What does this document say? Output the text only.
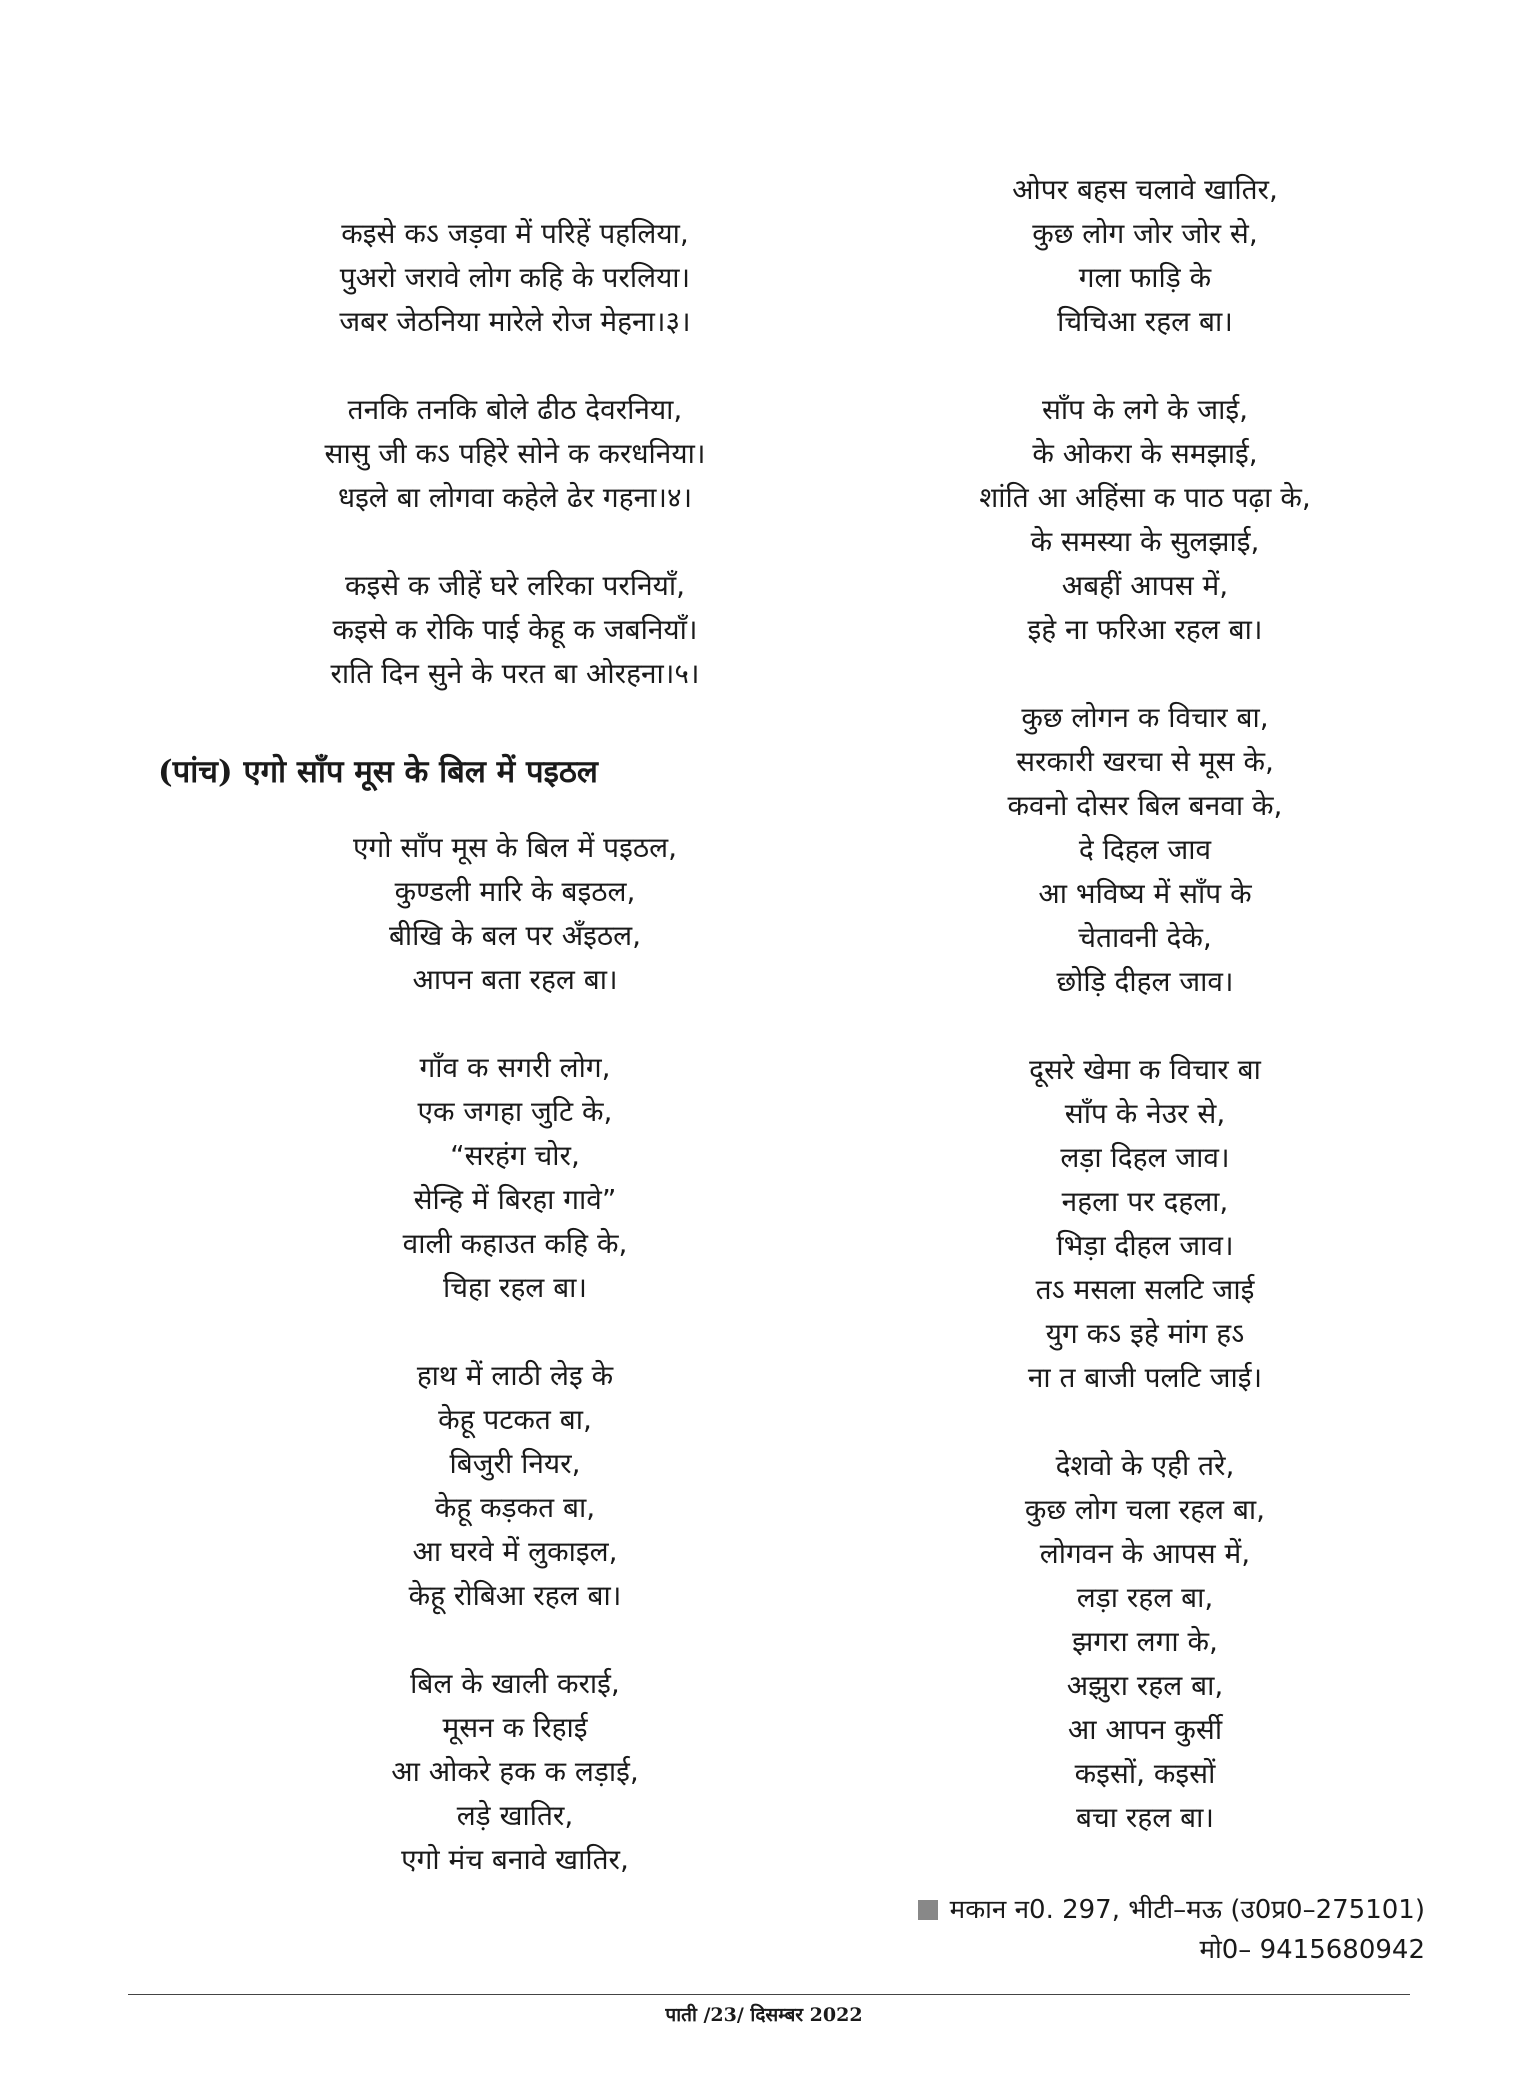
कइसे कऽ जड़वा में परिहें पहलिया,
पुअरो जरावे लोग कहि के परलिया।
जबर जेठनिया मारेले रोज मेहना।३।
तनकि तनकि बोले ढीठ देवरनिया,
सासु जी कऽ पहिरे सोने क करधनिया।
धइले बा लोगवा कहेले ढेर गहना।४।
कइसे क जीहें घरे लरिका परनियाँ,
कइसे क रोकि पाई केहू क जबनियाँ।
राति दिन सुने के परत बा ओरहना।५।
(पांच) एगो साँप मूस के बिल में पइठल
एगो साँप मूस के बिल में पइठल,
कुण्डली मारि के बइठल,
बीखि के बल पर अँइठल,
आपन बता रहल बा।
गाँव क सगरी लोग,
एक जगहा जुटि के,
“सरहंग चोर,
सेन्हि में बिरहा गावे”
वाली कहाउत कहि के,
चिहा रहल बा।
हाथ में लाठी लेइ के
केहू पटकत बा,
बिजुरी नियर,
केहू कड़कत बा,
आ घरवे में लुकाइल,
केहू रोबिआ रहल बा।
बिल के खाली कराई,
मूसन क रिहाई
आ ओकरे हक क लड़ाई,
लड़े खातिर,
एगो मंच बनावे खातिर,
ओपर बहस चलावे खातिर,
कुछ लोग जोर जोर से,
गला फाड़ि के
चिचिआ रहल बा।
साँप के लगे के जाई,
के ओकरा के समझाई,
शांति आ अहिंसा क पाठ पढ़ा के,
के समस्या के सुलझाई,
अबहीं आपस में,
इहे ना फरिआ रहल बा।
कुछ लोगन क विचार बा,
सरकारी खरचा से मूस के,
कवनो दोसर बिल बनवा के,
दे दिहल जाव
आ भविष्य में साँप के
चेतावनी देके,
छोड़ि दीहल जाव।
दूसरे खेमा क विचार बा
साँप के नेउर से,
लड़ा दिहल जाव।
नहला पर दहला,
भिड़ा दीहल जाव।
तऽ मसला सलटि जाई
युग कऽ इहे मांग हऽ
ना त बाजी पलटि जाई।
देशवो के एही तरे,
कुछ लोग चला रहल बा,
लोगवन के आपस में,
लड़ा रहल बा,
झगरा लगा के,
अझुरा रहल बा,
आ आपन कुर्सी
कइसों, कइसों
बचा रहल बा।
मकान न0. 297, भीटी–मऊ (उ0प्र0–275101)
मो0– 9415680942
पाती /23/ दिसम्बर 2022
